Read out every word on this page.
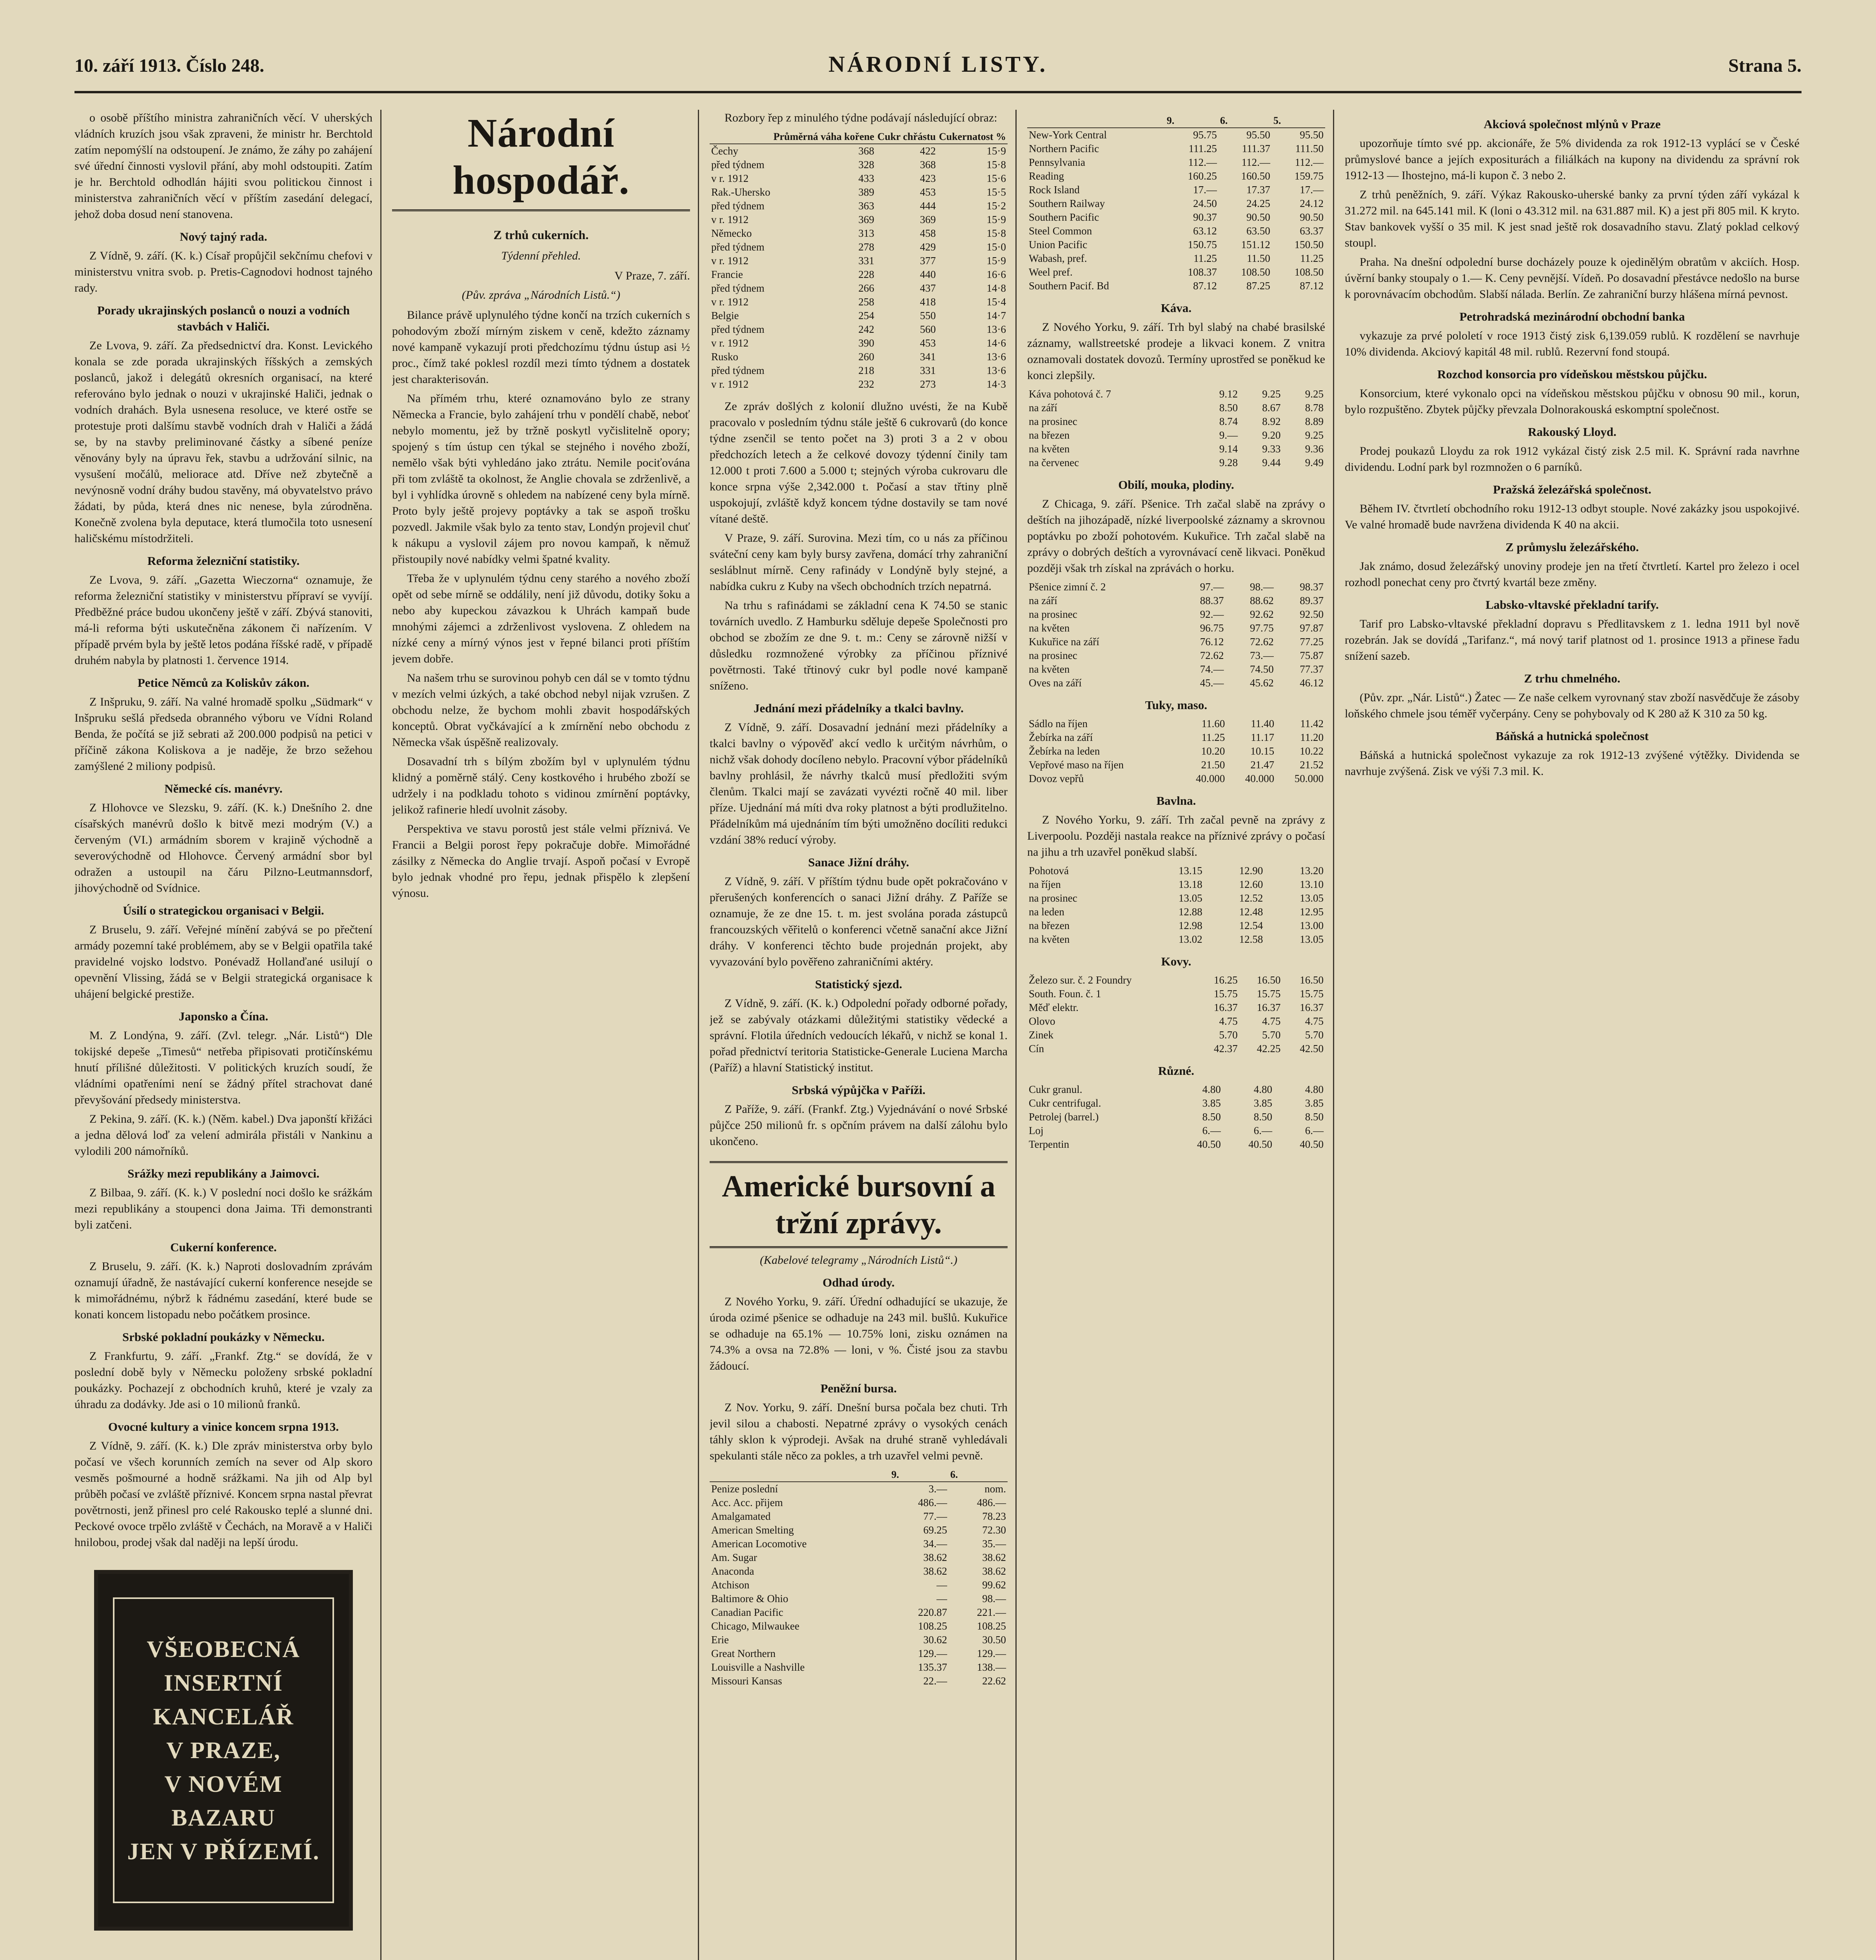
10. září 1913. Číslo 248.	NÁRODNÍ LISTY.	Strana 5.

o osobě příštího ministra zahraničních věcí. V uherských vládních kruzích jsou však zpraveni, že ministr hr. Berchtold zatím nepomýšlí na odstoupení. Je známo, že záhy po zahájení své úřední činnosti vyslovil přání, aby mohl odstoupiti. Zatím je hr. Berchtold odhodlán hájiti svou politickou činnost i ministerstva zahraničních věcí v příštím zasedání delegací, jehož doba dosud není stanovena.

Nový tajný rada.

Z Vídně, 9. září. (K. k.) Císař propůjčil sekčnímu chefovi v ministerstvu vnitra svob. p. Pretis-Cagnodovi hodnost tajného rady.

Porady ukrajinských poslanců o nouzi a vodních stavbách v Haliči.

Ze Lvova, 9. září. Za předsednictví dra. Konst. Levického konala se zde porada ukrajinských říšských a zemských poslanců, jakož i delegátů okresních organisací, na které referováno bylo jednak o nouzi v ukrajinské Haliči, jednak o vodních drahách. Byla usnesena resoluce, ve které ostře se protestuje proti dalšímu stavbě vodních drah v Haliči a žádá se, by na stavby preliminované částky a síbené peníze věnovány byly na úpravu řek, stavbu a udržování silnic, na vysušení močálů, meliorace atd. Dříve než zbytečně a nevýnosně vodní dráhy budou stavěny, má obyvatelstvo právo žádati, by půda, která dnes nic nenese, byla zúrodněna. Konečně zvolena byla deputace, která tlumočila toto usnesení haličskému místodržiteli.

Reforma železniční statistiky.

Ze Lvova, 9. září. „Gazetta Wieczorna“ oznamuje, že reforma železniční statistiky v ministerstvu přípraví se vyvíjí. Předběžné práce budou ukončeny ještě v září. Zbývá stanoviti, má-li reforma býti uskutečněna zákonem či nařízením. V případě prvém byla by ještě letos podána říšské radě, v případě druhém nabyla by platnosti 1. července 1914.

Petice Němců za Koliskův zákon.

Z Inšpruku, 9. září. Na valné hromadě spolku „Südmark“ v Inšpruku sešlá předseda obranného výboru ve Vídni Roland Benda, že počítá se již sebrati až 200.000 podpisů na petici v příčině zákona Koliskova a je naděje, že brzo sežehou zamýšlené 2 miliony podpisů.

Německé cís. manévry.

Z Hlohovce ve Slezsku, 9. září. (K. k.) Dnešního 2. dne císařských manévrů došlo k bitvě mezi modrým (V.) a červeným (VI.) armádním sborem v krajině východně a severovýchodně od Hlohovce. Červený armádní sbor byl odražen a ustoupil na čáru Pilzno-Leutmannsdorf, jihovýchodně od Svídnice.

Úsilí o strategickou organisaci v Belgii.

Z Bruselu, 9. září. Veřejné mínění zabývá se po přečtení armády pozemní také problémem, aby se v Belgii opatřila také pravidelné vojsko lodstvo. Ponévadž Hollanďané usilují o opevnění Vlissing, žádá se v Belgii strategická organisace k uhájení belgické prestiže.

Japonsko a Čína.

M. Z Londýna, 9. září. (Zvl. telegr. „Nár. Listů“) Dle tokijské depeše „Timesů“ netřeba připisovati protičínskému hnutí přílišné důležitosti. V politických kruzích soudí, že vládními opatřeními není se žádný přítel strachovat dané převyšování předsedy ministerstva.

Z Pekina, 9. září. (K. k.) (Něm. kabel.) Dva japonští křižáci a jedna dělová loď za velení admirála přistáli v Nankinu a vylodili 200 námořníků.

Srážky mezi republikány a Jaimovci.

Z Bilbaa, 9. září. (K. k.) V poslední noci došlo ke srážkám mezi republikány a stoupenci dona Jaima. Tři demonstranti byli zatčeni.

Cukerní konference.

Z Bruselu, 9. září. (K. k.) Naproti doslovadním zprávám oznamují úřadně, že nastávající cukerní konference nesejde se k mimořádnému, nýbrž k řádnému zasedání, které bude se konati koncem listopadu nebo počátkem prosince.

Srbské pokladní poukázky v Německu.

Z Frankfurtu, 9. září. „Frankf. Ztg.“ se dovídá, že v poslední době byly v Německu položeny srbské pokladní poukázky. Pochazejí z obchodních kruhů, které je vzaly za úhradu za dodávky. Jde asi o 10 milionů franků.

Ovocné kultury a vinice koncem srpna 1913.

Z Vídně, 9. září. (K. k.) Dle zpráv ministerstva orby bylo počasí ve všech korunních zemích na sever od Alp skoro vesměs pošmourné a hodně srážkami. Na jih od Alp byl průběh počasí ve zvláště příznivé. Koncem srpna nastal převrat povětrnosti, jenž přinesl pro celé Rakousko teplé a slunné dni. Peckové ovoce trpělo zvláště v Čechách, na Moravě a v Haliči hnilobou, prodej však dal naději na lepší úrodu.

VŠEOBECNÁ
INSERTNÍ KANCELÁŘ
V PRAZE,
V NOVÉM BAZARU
JEN V PŘÍZEMÍ.
Národní hospodář.
Z trhů cukerních.
Týdenní přehled.
V Praze, 7. září.
(Pův. zpráva „Národních Listů.“)

Bilance právě uplynulého týdne končí na trzích cukerních s pohodovým zboží mírným ziskem v ceně, kdežto záznamy nové kampaně vykazují proti předchozímu týdnu ústup asi ½ proc., čímž také poklesl rozdíl mezi tímto týdnem a dostatek jest charakterisován.

Na přímém trhu, které oznamováno bylo ze strany Německa a Francie, bylo zahájení trhu v pondělí chabě, neboť nebylo momentu, jež by tržně poskytl vyčislitelně opory; spojený s tím ústup cen týkal se stejného i nového zboží, nemělo však býti vyhledáno jako ztrátu. Nemile pociťována při tom zvláště ta okolnost, že Anglie chovala se zdrženlivě, a byl i vyhlídka úrovně s ohledem na nabízené ceny byla mírně. Proto byly ještě projevy poptávky a tak se aspoň trošku pozvedl. Jakmile však bylo za tento stav, Londýn projevil chuť k nákupu a vyslovil zájem pro novou kampaň, k němuž přistoupily nové nabídky velmi špatné kvality.

Třeba že v uplynulém týdnu ceny starého a nového zboží opět od sebe mírně se oddálily, není již důvodu, dotiky šoku a nebo aby kupeckou závazkou k Uhrách kampaň bude mnohými zájemci a zdrženlivost vyslovena. Z ohledem na nízké ceny a mírný výnos jest v řepné bilanci proti příštím jevem dobře.

Na našem trhu se surovinou pohyb cen dál se v tomto týdnu v mezích velmi úzkých, a také obchod nebyl nijak vzrušen. Z obchodu nelze, že bychom mohli zbavit hospodářských konceptů. Obrat vyčkávající a k zmírnění nebo obchodu z Německa však úspěšně realizovaly.

Dosavadní trh s bílým zbožím byl v uplynulém týdnu klidný a poměrně stálý. Ceny kostkového i hrubého zboží se udržely i na podkladu tohoto s vidinou zmírnění poptávky, jelikož rafinerie hledí uvolnit zásoby.

Perspektiva ve stavu porostů jest stále velmi příznivá. Ve Francii a Belgii porost řepy pokračuje dobře. Mimořádné zásilky z Německa do Anglie trvají. Aspoň počasí v Evropě bylo jednak vhodné pro řepu, jednak přispělo k zlepšení výnosu.

Rozbory řep z minulého týdne podávají následující obraz:

	Průměrná váha kořene	Cukr chřástu	Cukernatost %	
Čechy	368	422	15·9	
před týdnem	328	368	15·8	
v r. 1912	433	423	15·6	
Rak.-Uhersko	389	453	15·5	
před týdnem	363	444	15·2	
v r. 1912	369	369	15·9	
Německo	313	458	15·8	
před týdnem	278	429	15·0	
v r. 1912	331	377	15·9	
Francie	228	440	16·6	
před týdnem	266	437	14·8	
v r. 1912	258	418	15·4	
Belgie	254	550	14·7	
před týdnem	242	560	13·6	
v r. 1912	390	453	14·6	
Rusko	260	341	13·6	
před týdnem	218	331	13·6	
v r. 1912	232	273	14·3	

Ze zpráv došlých z kolonií dlužno uvésti, že na Kubě pracovalo v posledním týdnu stále ještě 6 cukrovarů (do konce týdne zsenčil se tento počet na 3) proti 3 a 2 v obou předchozích letech a že celkové dovozy týdenní činily tam 12.000 t proti 7.600 a 5.000 t; stejných výroba cukrovaru dle konce srpna výše 2,342.000 t. Počasí a stav třtiny plně uspokojují, zvláště když koncem týdne dostavily se tam nové vítané deště.

V Praze, 9. září. Surovina. Mezi tím, co u nás za příčinou sváteční ceny kam byly bursy zavřena, domácí trhy zahraniční sesláblnut mírně. Ceny rafinády v Londýně byly stejné, a nabídka cukru z Kuby na všech obchodních trzích nepatrná.

Na trhu s rafinádami se základní cena K 74.50 se stanic továrních uvedlo. Z Hamburku sděluje depeše Společnosti pro obchod se zbožím ze dne 9. t. m.: Ceny se zárovně nižší v důsledku rozmnožené výrobky za příčinou příznivé povětrnosti. Také třtinový cukr byl podle nové kampaně sníženo.

Jednání mezi přádelníky a tkalci bavlny.

Z Vídně, 9. září. Dosavadní jednání mezi přádelníky a tkalci bavlny o výpověď akcí vedlo k určitým návrhům, o nichž však dohody docíleno nebylo. Pracovní výbor přádelníků bavlny prohlásil, že návrhy tkalců musí předložiti svým členům. Tkalci mají se zavázati vyvézti ročně 40 mil. liber příze. Ujednání má míti dva roky platnost a býti prodlužitelno. Přádelníkům má ujednáním tím býti umožněno docíliti redukci vzdání 38% reducí výroby.

Sanace Jižní dráhy.

Z Vídně, 9. září. V příštím týdnu bude opět pokračováno v přerušených konferencích o sanaci Jižní dráhy. Z Paříže se oznamuje, že ze dne 15. t. m. jest svolána porada zástupců francouzských věřitelů o konferenci včetně sanační akce Jižní dráhy. V konferenci těchto bude projednán projekt, aby vyvazování bylo pověřeno zahraničními aktéry.

Statistický sjezd.

Z Vídně, 9. září. (K. k.) Odpolední pořady odborné pořady, jež se zabývaly otázkami důležitými statistiky vědecké a správní. Flotila úředních vedoucích lékařů, v nichž se konal 1. pořad přednictví teritoria Statisticke-Generale Luciena Marcha (Paříž) a hlavní Statistický institut.

Srbská výpůjčka v Paříži.

Z Paříže, 9. září. (Frankf. Ztg.) Vyjednávání o nové Srbské půjčce 250 milionů fr. s opčním právem na další zálohu bylo ukončeno.

Americké bursovní a tržní zprávy.
(Kabelové telegramy „Národních Listů“.)
Odhad úrody.

Z Nového Yorku, 9. září. Úřední odhadující se ukazuje, že úroda ozimé pšenice se odhaduje na 243 mil. bušlů. Kukuřice se odhaduje na 65.1% — 10.75% loni, zisku oznámen na 74.3% a ovsa na 72.8% — loni, v %. Čisté jsou za stavbu žádoucí.

Peněžní bursa.

Z Nov. Yorku, 9. září. Dnešní bursa počala bez chuti. Trh jevil silou a chabosti. Nepatrné zprávy o vysokých cenách táhly sklon k výprodeji. Avšak na druhé straně vyhledávali spekulanti stále něco za pokles, a trh uzavřel velmi pevně.

	9.	6.
Penize poslední	3.—	nom.
Acc. Acc. přijem	486.—	486.—
Amalgamated	77.—	78.23
American Smelting	69.25	72.30
American Locomotive	34.—	35.—
Am. Sugar	38.62	38.62
Anaconda	38.62	38.62
Atchison	—	99.62
Baltimore & Ohio	—	98.—
Canadian Pacific	220.87	221.—
Chicago, Milwaukee	108.25	108.25
Erie	30.62	30.50
Great Northern	129.—	129.—
Louisville a Nashville	135.37	138.—
Missouri Kansas	22.—	22.62
	9.	6.	5.
New-York Central	95.75	95.50	95.50
Northern Pacific	111.25	111.37	111.50
Pennsylvania	112.—	112.—	112.—
Reading	160.25	160.50	159.75
Rock Island	17.—	17.37	17.—
Southern Railway	24.50	24.25	24.12
Southern Pacific	90.37	90.50	90.50
Steel Common	63.12	63.50	63.37
Union Pacific	150.75	151.12	150.50
Wabash, pref.	11.25	11.50	11.25
Weel pref.	108.37	108.50	108.50
Southern Pacif. Bd	87.12	87.25	87.12
Káva.

Z Nového Yorku, 9. září. Trh byl slabý na chabé brasilské záznamy, wallstreetské prodeje a likvaci konem. Z vnitra oznamovali dostatek dovozů. Termíny uprostřed se poněkud ke konci zlepšily.

Káva pohotová č. 7	9.12	9.25	9.25
na září	8.50	8.67	8.78
na prosinec	8.74	8.92	8.89
na březen	9.—	9.20	9.25
na květen	9.14	9.33	9.36
na červenec	9.28	9.44	9.49
Obilí, mouka, plodiny.

Z Chicaga, 9. září. Pšenice. Trh začal slabě na zprávy o deštích na jihozápadě, nízké liverpoolské záznamy a skrovnou poptávku po zboží pohotovém. Kukuřice. Trh začal slabě na zprávy o dobrých deštích a vyrovnávací ceně likvaci. Poněkud později však trh získal na zprávách o horku.

Pšenice zimní č. 2	97.—	98.—	98.37
na září	88.37	88.62	89.37
na prosinec	92.—	92.62	92.50
na květen	96.75	97.75	97.87
Kukuřice na září	76.12	72.62	77.25
na prosinec	72.62	73.—	75.87
na květen	74.—	74.50	77.37
Oves na září	45.—	45.62	46.12
Tuky, maso.
Sádlo na říjen	11.60	11.40	11.42
Žebírka na září	11.25	11.17	11.20
Žebírka na leden	10.20	10.15	10.22
Vepřové maso na říjen	21.50	21.47	21.52
Dovoz vepřů	40.000	40.000	50.000
Bavlna.

Z Nového Yorku, 9. září. Trh začal pevně na zprávy z Liverpoolu. Později nastala reakce na příznivé zprávy o počasí na jihu a trh uzavřel poněkud slabší.

Pohotová	13.15	12.90	13.20
na říjen	13.18	12.60	13.10
na prosinec	13.05	12.52	13.05
na leden	12.88	12.48	12.95
na březen	12.98	12.54	13.00
na květen	13.02	12.58	13.05
Kovy.
Železo sur. č. 2 Foundry	16.25	16.50	16.50
South. Foun. č. 1	15.75	15.75	15.75
Měď elektr.	16.37	16.37	16.37
Olovo	4.75	4.75	4.75
Zinek	5.70	5.70	5.70
Cín	42.37	42.25	42.50
Různé.
Cukr granul.	4.80	4.80	4.80
Cukr centrifugal.	3.85	3.85	3.85
Petrolej (barrel.)	8.50	8.50	8.50
Loj	6.—	6.—	6.—
Terpentin	40.50	40.50	40.50
Akciová společnost mlýnů v Praze

upozorňuje tímto své pp. akcionáře, že 5% dividenda za rok 1912-13 vyplácí se v České průmyslové bance a jejích expositurách a filiálkách na kupony na dividendu za správní rok 1912-13 — Ihostejno, má-li kupon č. 3 nebo 2.

Z trhů peněžních, 9. září. Výkaz Rakousko-uherské banky za první týden září vykázal k 31.272 mil. na 645.141 mil. K (loni o 43.312 mil. na 631.887 mil. K) a jest při 805 mil. K kryto. Stav bankovek vyšší o 35 mil. K jest snad ještě rok dosavadního stavu. Zlatý poklad celkový stoupl.

Praha. Na dnešní odpolední burse docházely pouze k ojedinělým obratům v akciích. Hosp. úvěrní banky stoupaly o 1.— K. Ceny pevnější. Vídeň. Po dosavadní přestávce nedošlo na burse k porovnávacím obchodům. Slabší nálada. Berlín. Ze zahraniční burzy hlášena mírná pevnost.

Petrohradská mezinárodní obchodní banka

vykazuje za prvé pololetí v roce 1913 čistý zisk 6,139.059 rublů. K rozdělení se navrhuje 10% dividenda. Akciový kapitál 48 mil. rublů. Rezervní fond stoupá.

Rozchod konsorcia pro vídeňskou městskou půjčku.

Konsorcium, které vykonalo opci na vídeňskou městskou půjčku v obnosu 90 mil., korun, bylo rozpuštěno. Zbytek půjčky převzala Dolnorakouská eskomptní společnost.

Rakouský Lloyd.

Prodej poukazů Lloydu za rok 1912 vykázal čistý zisk 2.5 mil. K. Správní rada navrhne dividendu. Lodní park byl rozmnožen o 6 parníků.

Pražská železářská společnost.

Během IV. čtvrtletí obchodního roku 1912-13 odbyt stouple. Nové zakázky jsou uspokojivé. Ve valné hromadě bude navržena dividenda K 40 na akcii.

Z průmyslu železářského.

Jak známo, dosud železářský unoviny prodeje jen na třetí čtvrtletí. Kartel pro železo i ocel rozhodl ponechat ceny pro čtvrtý kvartál beze změny.

Labsko-vltavské překladní tarify.

Tarif pro Labsko-vltavské překladní dopravu s Předlitavskem z 1. ledna 1911 byl nově rozebrán. Jak se dovídá „Tarifanz.“, má nový tarif platnost od 1. prosince 1913 a přinese řadu snížení sazeb.

Z trhu chmelného.

(Pův. zpr. „Nár. Listů“.) Žatec — Ze naše celkem vyrovnaný stav zboží nasvědčuje že zásoby loňského chmele jsou téměř vyčerpány. Ceny se pohybovaly od K 280 až K 310 za 50 kg.

Báňská a hutnická společnost

Báňská a hutnická společnost vykazuje za rok 1912-13 zvýšené výtěžky. Dividenda se navrhuje zvýšená. Zisk ve výši 7.3 mil. K.
